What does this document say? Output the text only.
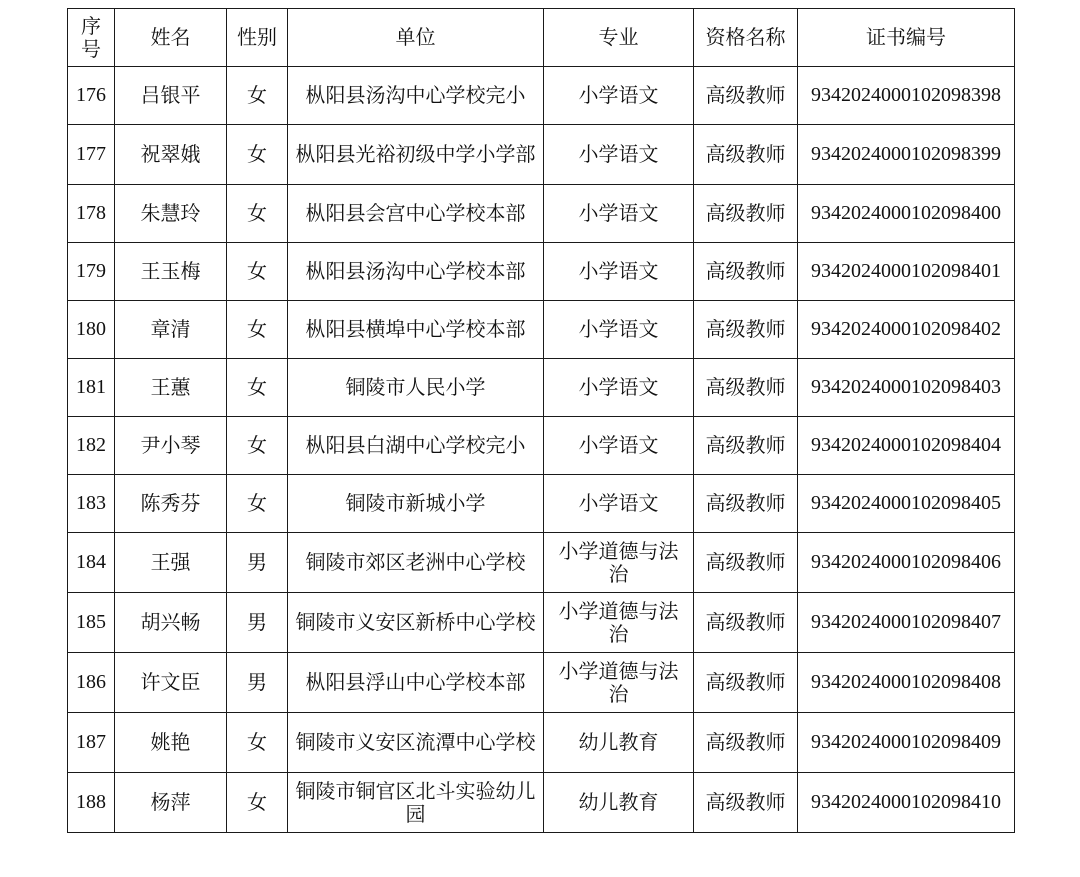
序号	姓名	性别	单位	专业	资格名称	证书编号
176	吕银平	女	枞阳县汤沟中心学校完小	小学语文	高级教师	9342024000102098398
177	祝翠娥	女	枞阳县光裕初级中学小学部	小学语文	高级教师	9342024000102098399
178	朱慧玲	女	枞阳县会宫中心学校本部	小学语文	高级教师	9342024000102098400
179	王玉梅	女	枞阳县汤沟中心学校本部	小学语文	高级教师	9342024000102098401
180	章清	女	枞阳县横埠中心学校本部	小学语文	高级教师	9342024000102098402
181	王蕙	女	铜陵市人民小学	小学语文	高级教师	9342024000102098403
182	尹小琴	女	枞阳县白湖中心学校完小	小学语文	高级教师	9342024000102098404
183	陈秀芬	女	铜陵市新城小学	小学语文	高级教师	9342024000102098405
184	王强	男	铜陵市郊区老洲中心学校	小学道德与法治	高级教师	9342024000102098406
185	胡兴畅	男	铜陵市义安区新桥中心学校	小学道德与法治	高级教师	9342024000102098407
186	许文臣	男	枞阳县浮山中心学校本部	小学道德与法治	高级教师	9342024000102098408
187	姚艳	女	铜陵市义安区流潭中心学校	幼儿教育	高级教师	9342024000102098409
188	杨萍	女	铜陵市铜官区北斗实验幼儿园	幼儿教育	高级教师	9342024000102098410
